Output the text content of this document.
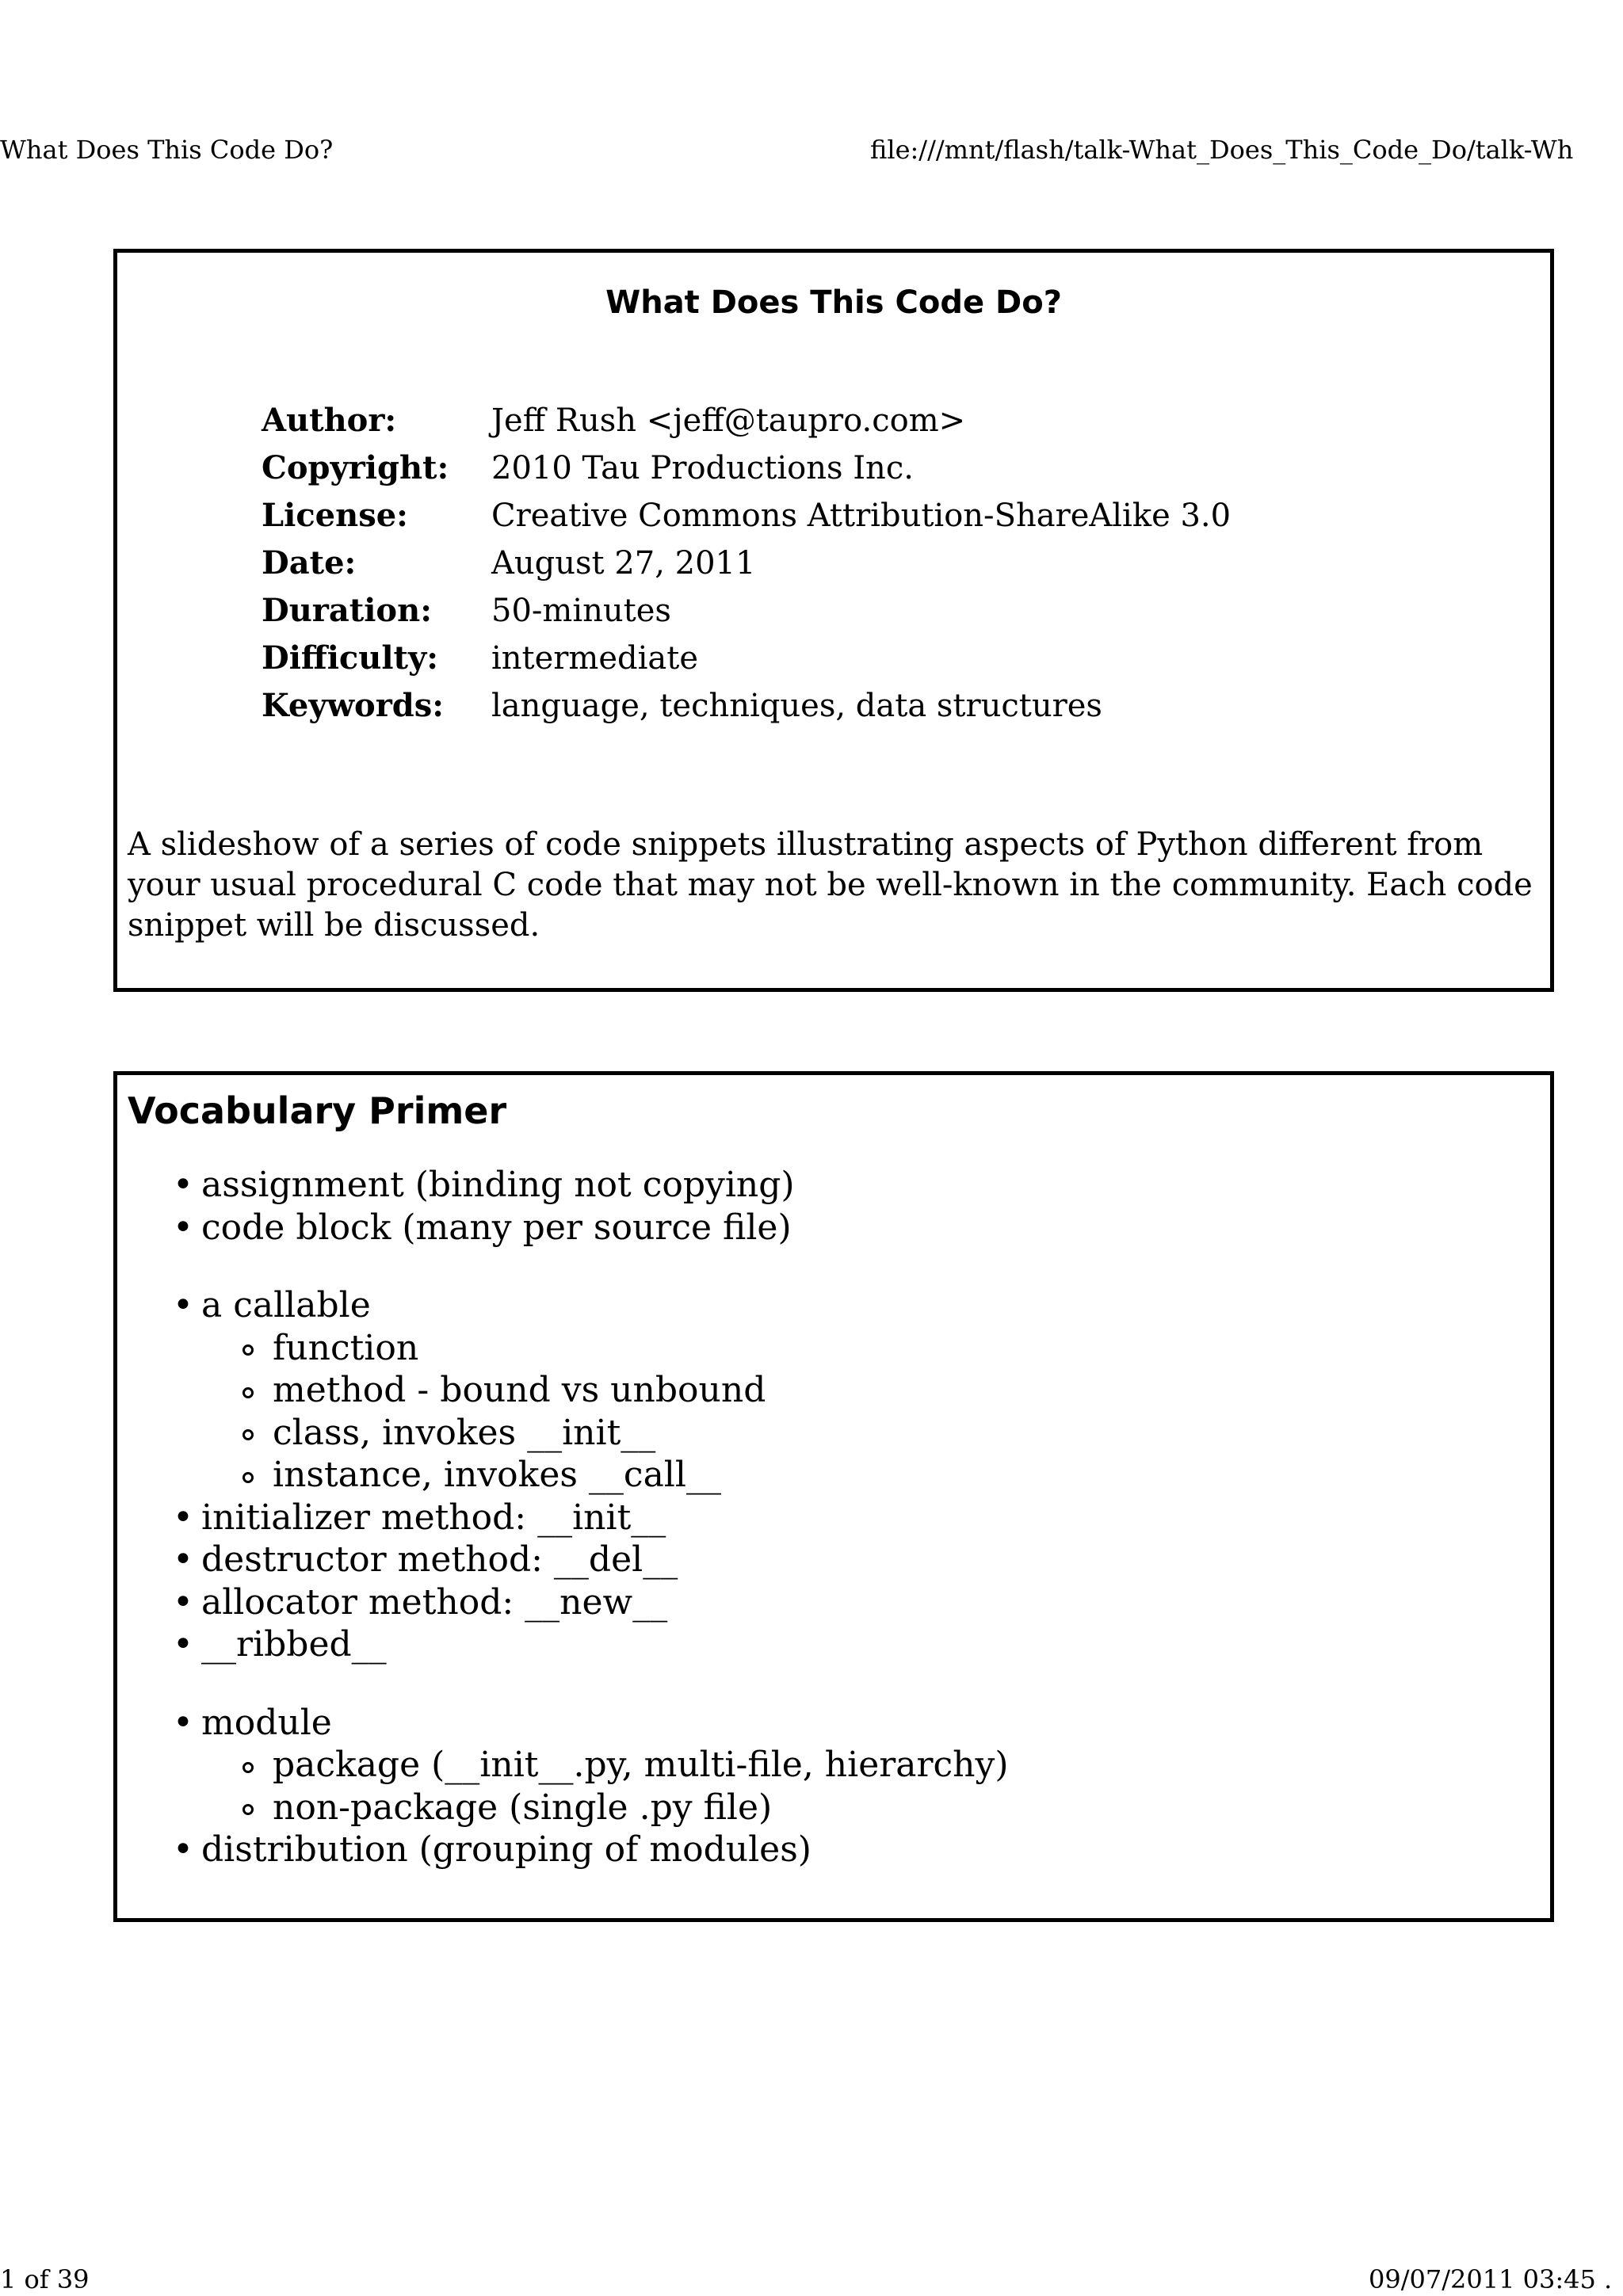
What Does This Code Do?	file:///mnt/flash/talk-What_Does_This_Code_Do/talk-Wh
What Does This Code Do?
Author:	Jeff Rush <jeff@taupro.com>
Copyright:	2010 Tau Productions Inc.
License:	Creative Commons Attribution-ShareAlike 3.0
Date:	August 27, 2011
Duration:	50-minutes
Difficulty:	intermediate
Keywords:	language, techniques, data structures

A slideshow of a series of code snippets illustrating aspects of Python different from your usual procedural C code that may not be well-known in the community. Each code snippet will be discussed.

Vocabulary Primer
• assignment (binding not copying)
• code block (many per source file)
• a callable
function
method - bound vs unbound
class, invokes __init__
instance, invokes __call__
• initializer method: __init__
• destructor method: __del__
• allocator method: __new__
• __ribbed__
• module
package (__init__.py, multi-file, hierarchy)
non-package (single .py file)
• distribution (grouping of modules)
1 of 39	09/07/2011 03:45 .
